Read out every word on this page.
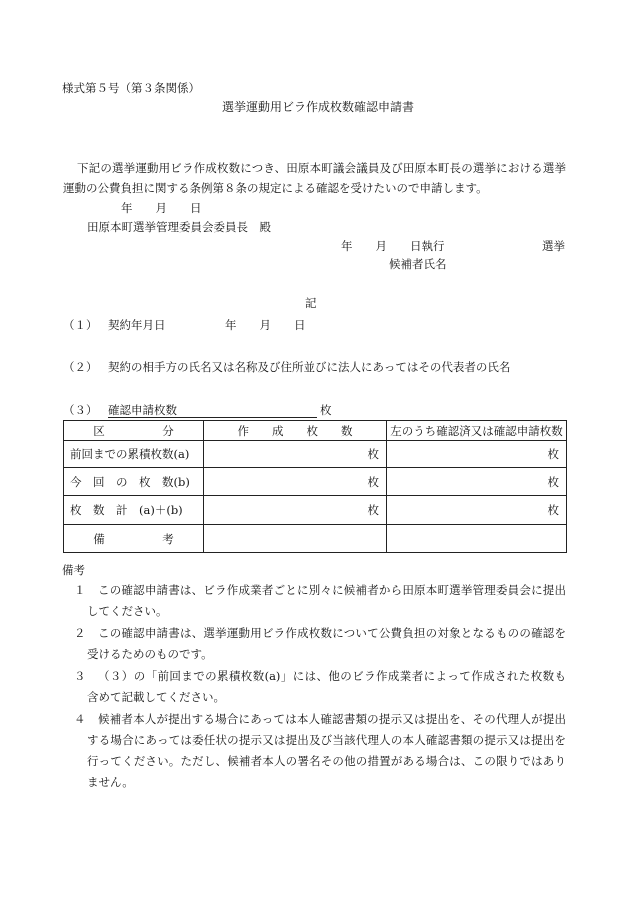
様式第５号（第３条関係）
選挙運動用ビラ作成枚数確認申請書
下記の選挙運動用ビラ作成枚数につき、田原本町議会議員及び田原本町長の選挙における選挙
運動の公費負担に関する条例第８条の規定による確認を受けたいので申請します。
年　　月　　日
田原本町選挙管理委員会委員長　殿
年　　月　　日執行	選挙
候補者氏名
記
（１） 契約年月日	年　　月　　日
（２） 契約の相手方の氏名又は名称及び住所並びに法人にあってはその代表者の氏名
（３） 確認申請枚数	枚
区　　　　　分	作　　成　　枚　　数	左のうち確認済又は確認申請枚数
前回までの累積枚数(a)	枚	枚
今　回　の　枚　数(b)	枚	枚
枚　数　計　(a)＋(b)	枚	枚
備　　　　　考		
備考
１ この確認申請書は、ビラ作成業者ごとに別々に候補者から田原本町選挙管理委員会に提出
してください。
２ この確認申請書は、選挙運動用ビラ作成枚数について公費負担の対象となるものの確認を
受けるためのものです。
３ （３）の「前回までの累積枚数(a)」には、他のビラ作成業者によって作成された枚数も
含めて記載してください。
４ 候補者本人が提出する場合にあっては本人確認書類の提示又は提出を、その代理人が提出
する場合にあっては委任状の提示又は提出及び当該代理人の本人確認書類の提示又は提出を
行ってください。ただし、候補者本人の署名その他の措置がある場合は、この限りではあり
ません。
